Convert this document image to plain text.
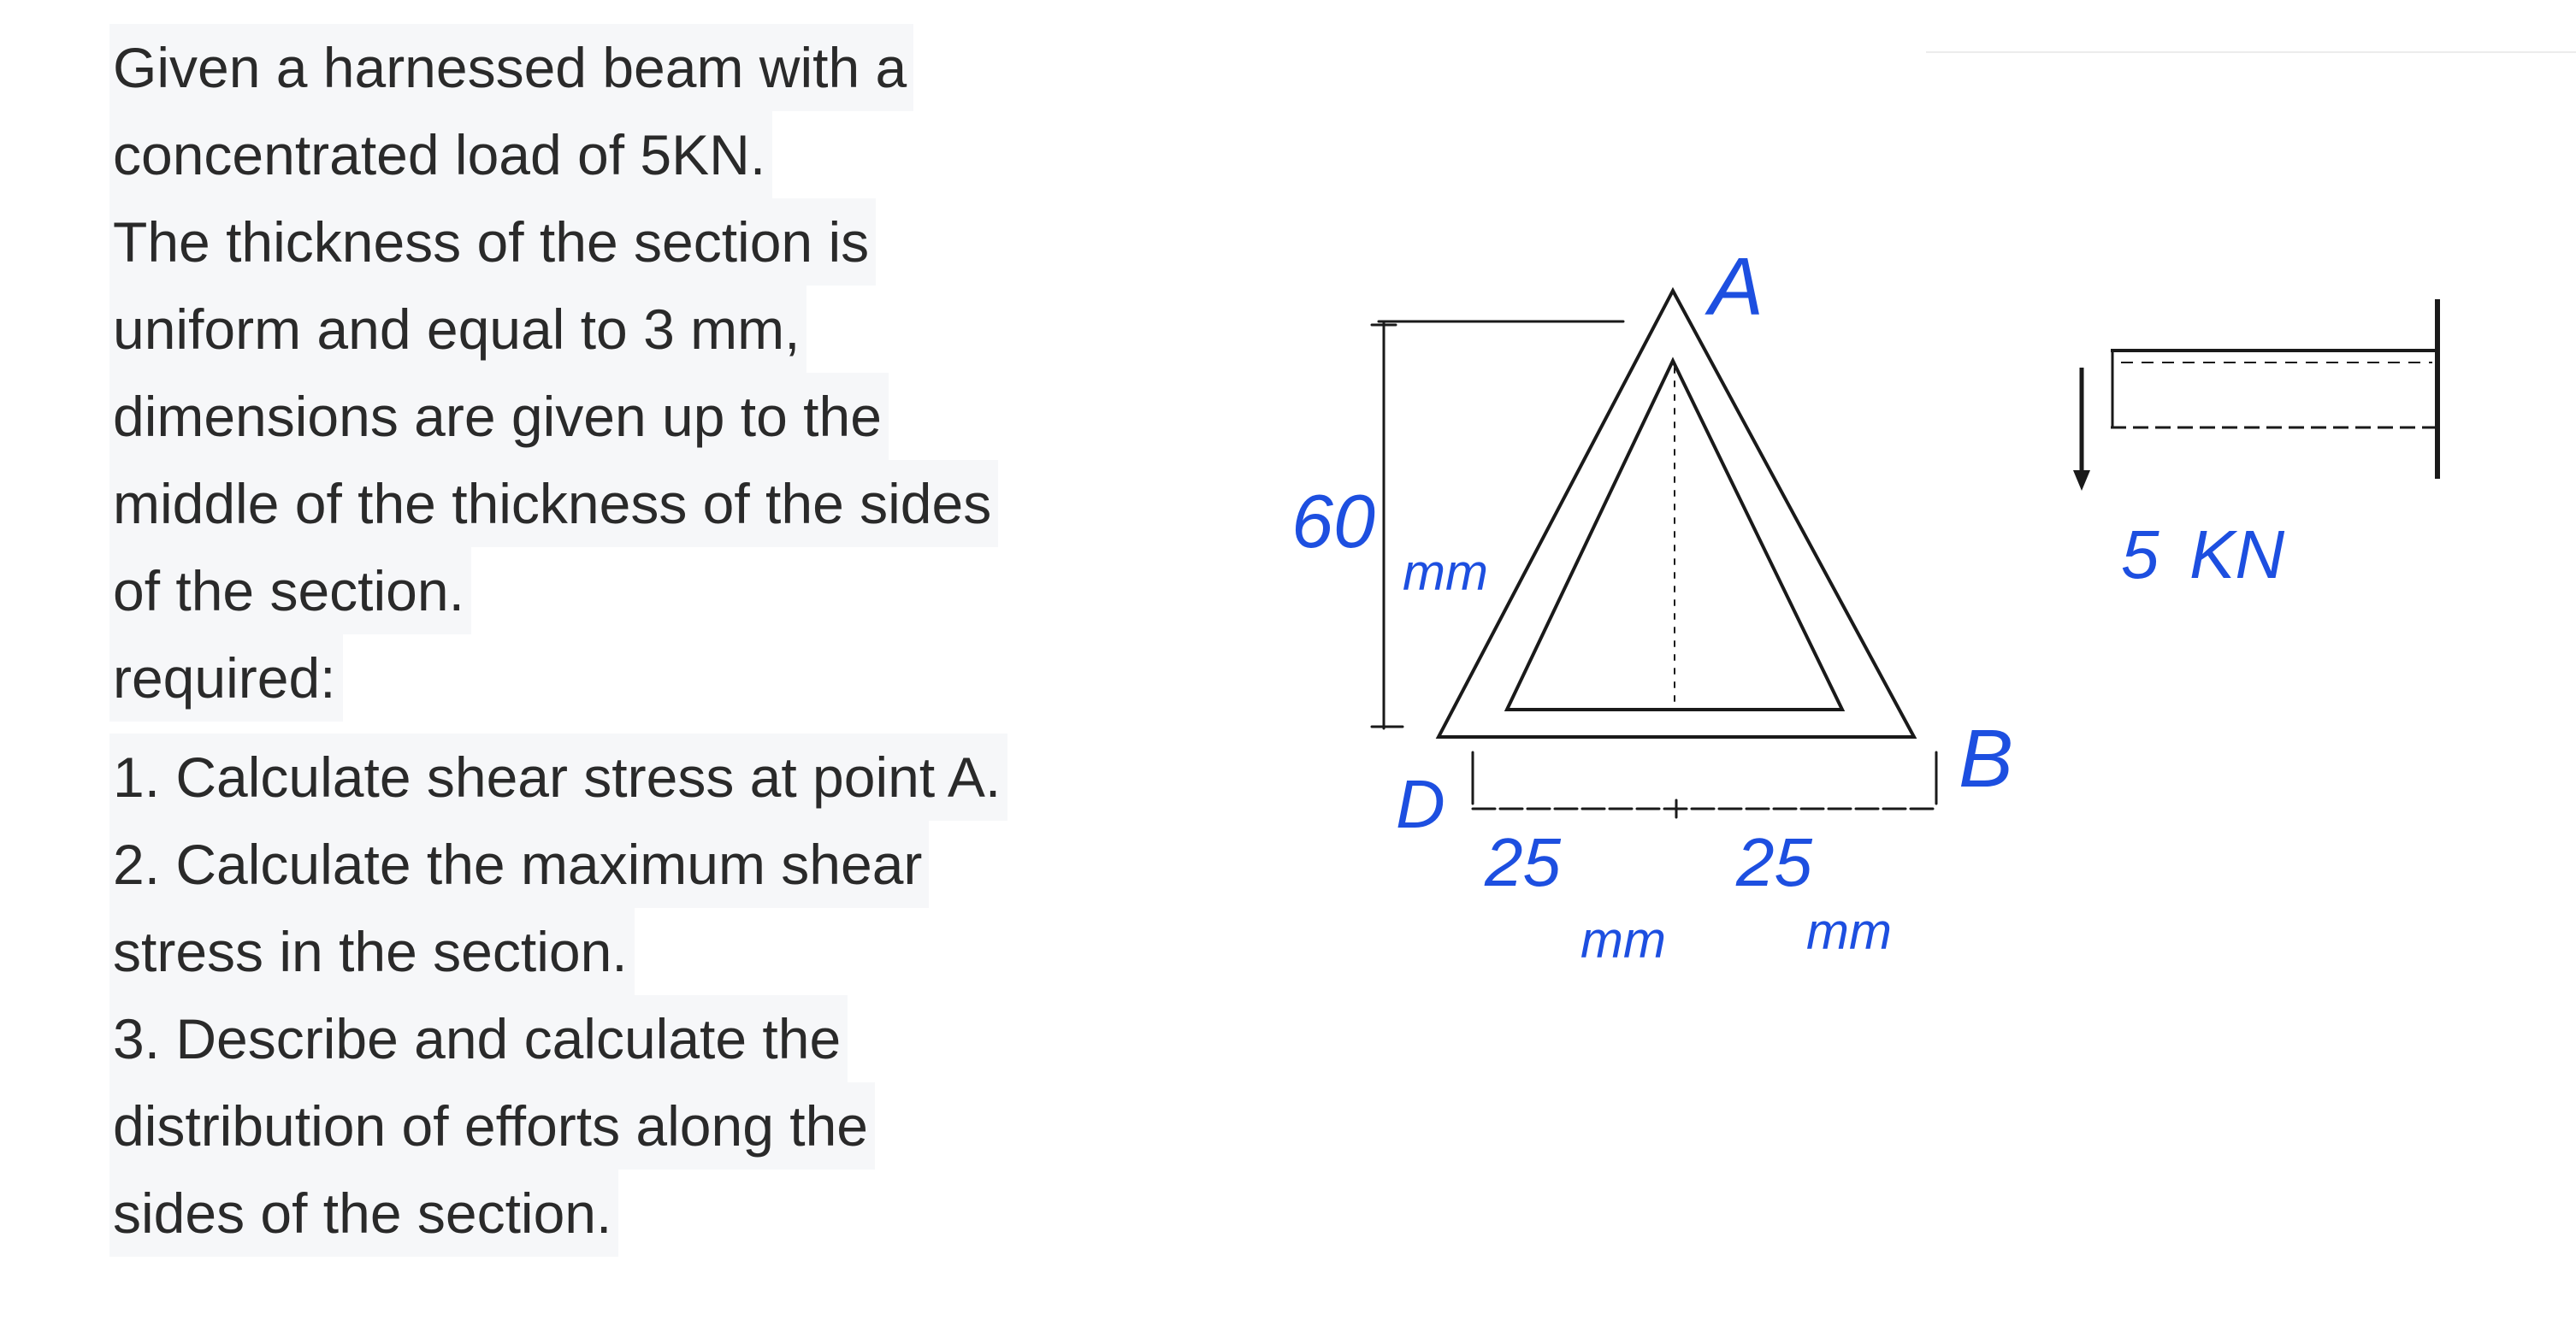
Given a harnessed beam with a
concentrated load of 5KN.
The thickness of the section is
uniform and equal to 3 mm,
dimensions are given up to the
middle of the thickness of the sides
of the section.
required:
1. Calculate shear stress at point A.
2. Calculate the maximum shear
stress in the section.
3. Describe and calculate the
distribution of efforts along the
sides of the section.
A
B
D
60
mm
25	25
mm	mm
5 KN
